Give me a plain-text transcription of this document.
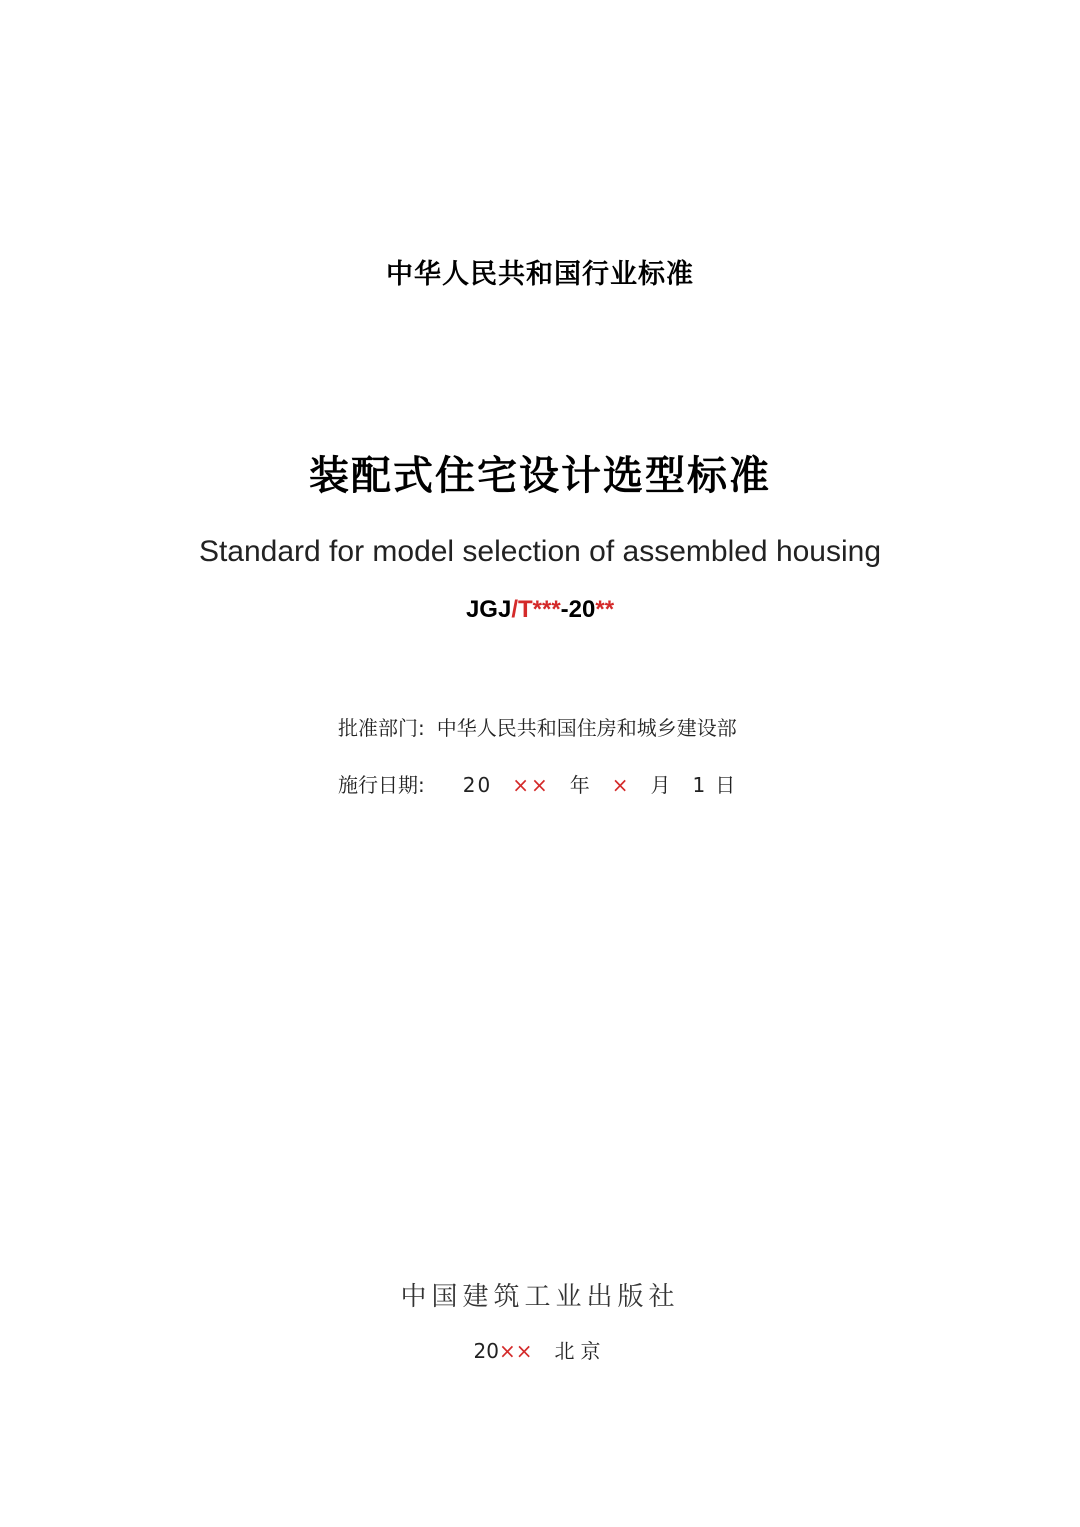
中华人民共和国行业标准
装配式住宅设计选型标准
Standard for model selection of assembled housing
JGJ/T***-20**
批准部门: 中华人民共和国住房和城乡建设部
施行日期: 20 ×× 年 × 月 1 日
中国建筑工业出版社
20×× 北京
